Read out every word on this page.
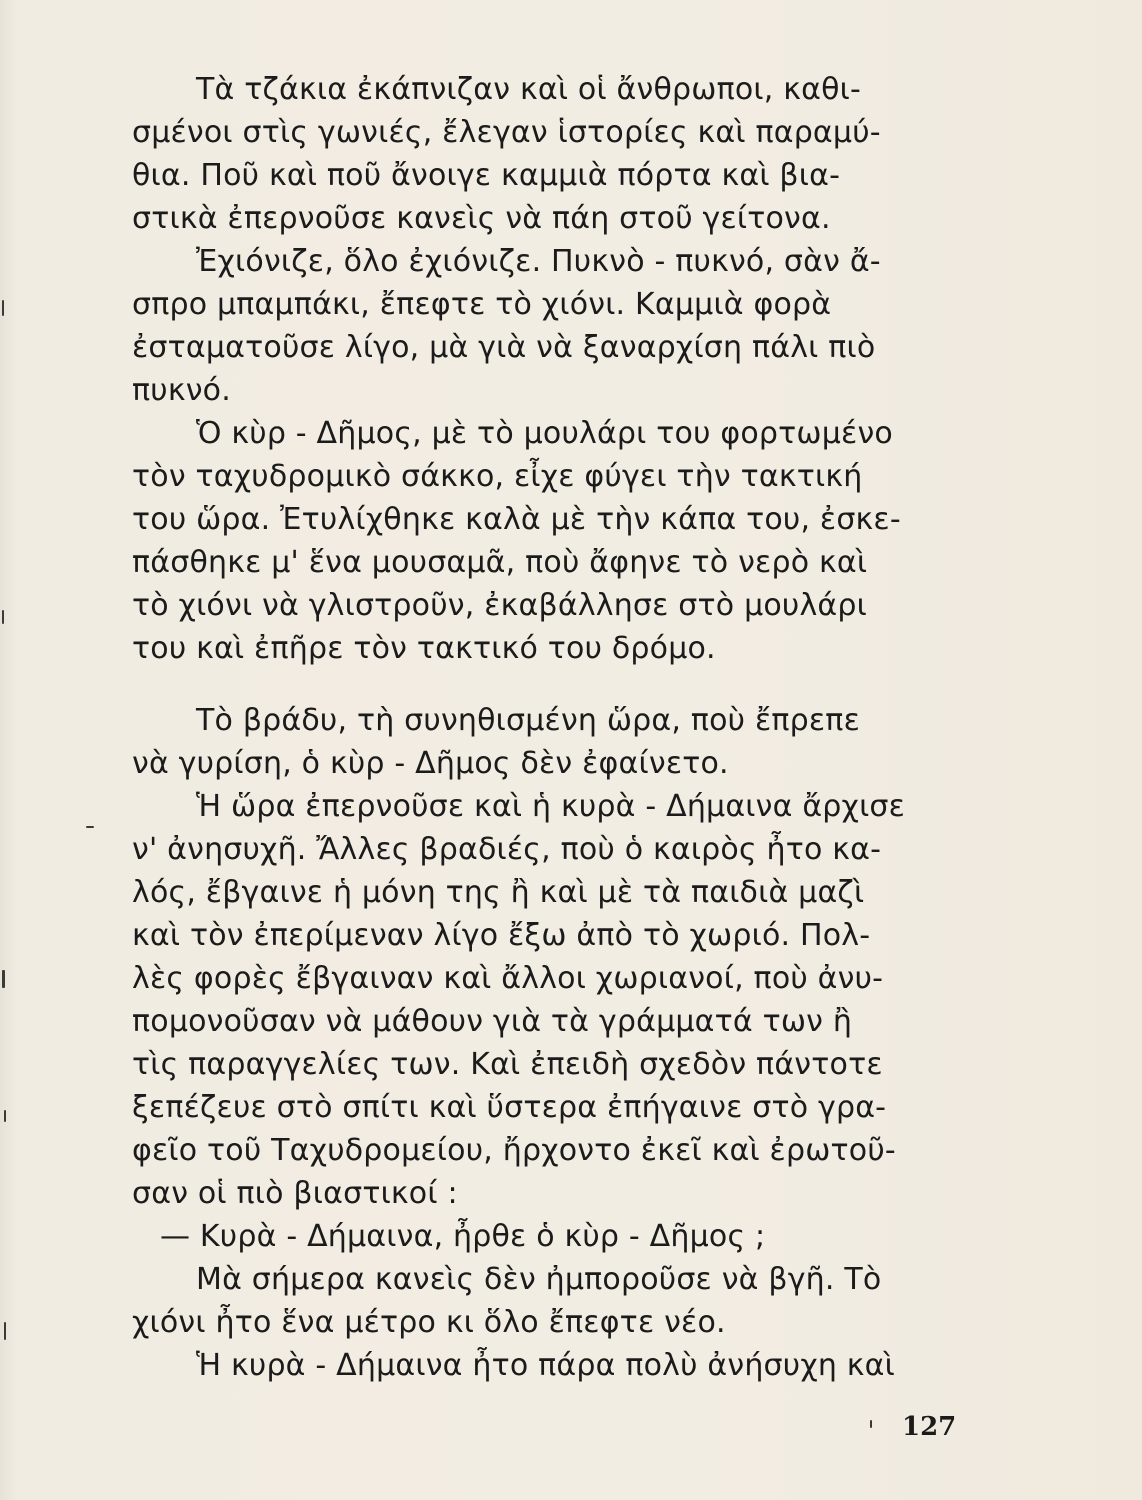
Τὰ τζάκια ἐκάπνιζαν καὶ οἱ ἄνθρωποι, καθι-
σμένοι στὶς γωνιές, ἔλεγαν ἱστορίες καὶ παραμύ-
θια. Ποῦ καὶ ποῦ ἄνοιγε καμμιὰ πόρτα καὶ βια-
στικὰ ἐπερνοῦσε κανεὶς νὰ πάη στοῦ γείτονα.
Ἐχιόνιζε, ὅλο ἐχιόνιζε. Πυκνὸ - πυκνό, σὰν ἄ-
σπρο μπαμπάκι, ἔπεφτε τὸ χιόνι. Καμμιὰ φορὰ
ἐσταματοῦσε λίγο, μὰ γιὰ νὰ ξαναρχίση πάλι πιὸ
πυκνό.
Ὁ κὺρ - Δῆμος, μὲ τὸ μουλάρι του φορτωμένο
τὸν ταχυδρομικὸ σάκκο, εἶχε φύγει τὴν τακτική
του ὥρα. Ἐτυλίχθηκε καλὰ μὲ τὴν κάπα του, ἐσκε-
πάσθηκε μ' ἕνα μουσαμᾶ, ποὺ ἄφηνε τὸ νερὸ καὶ
τὸ χιόνι νὰ γλιστροῦν, ἐκαβάλλησε στὸ μουλάρι
του καὶ ἐπῆρε τὸν τακτικό του δρόμο.
Τὸ βράδυ, τὴ συνηθισμένη ὥρα, ποὺ ἔπρεπε
νὰ γυρίση, ὁ κὺρ - Δῆμος δὲν ἐφαίνετο.
Ἡ ὥρα ἐπερνοῦσε καὶ ἡ κυρὰ - Δήμαινα ἄρχισε
ν' ἀνησυχῆ. Ἄλλες βραδιές, ποὺ ὁ καιρὸς ἦτο κα-
λός, ἔβγαινε ἡ μόνη της ἢ καὶ μὲ τὰ παιδιὰ μαζὶ
καὶ τὸν ἐπερίμεναν λίγο ἔξω ἀπὸ τὸ χωριό. Πολ-
λὲς φορὲς ἔβγαιναν καὶ ἄλλοι χωριανοί, ποὺ ἀνυ-
πομονοῦσαν νὰ μάθουν γιὰ τὰ γράμματά των ἢ
τὶς παραγγελίες των. Καὶ ἐπειδὴ σχεδὸν πάντοτε
ξεπέζευε στὸ σπίτι καὶ ὕστερα ἐπήγαινε στὸ γρα-
φεῖο τοῦ Ταχυδρομείου, ἤρχοντο ἐκεῖ καὶ ἐρωτοῦ-
σαν οἱ πιὸ βιαστικοί :
— Κυρὰ - Δήμαινα, ἦρθε ὁ κὺρ - Δῆμος ;
Μὰ σήμερα κανεὶς δὲν ἠμποροῦσε νὰ βγῆ. Τὸ
χιόνι ἦτο ἕνα μέτρο κι ὅλο ἔπεφτε νέο.
Ἡ κυρὰ - Δήμαινα ἦτο πάρα πολὺ ἀνήσυχη καὶ
127
